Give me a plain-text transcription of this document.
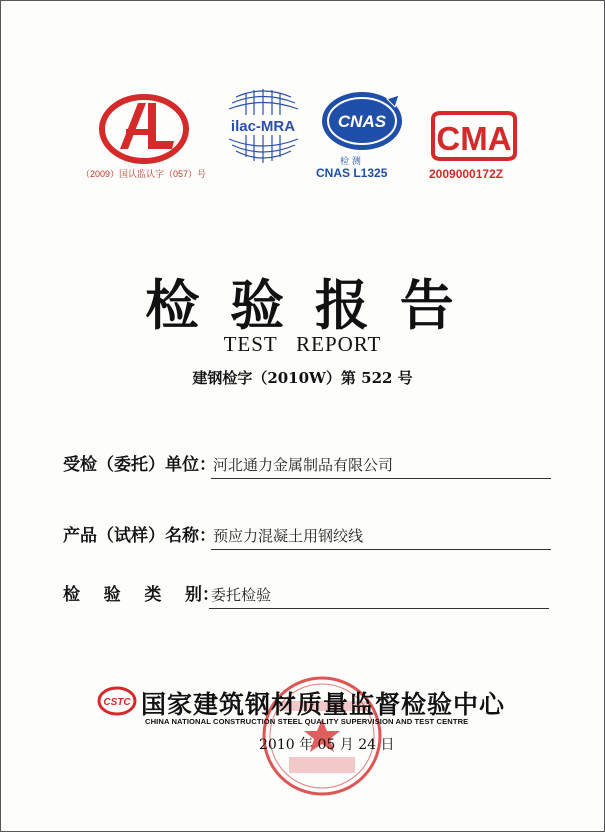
（2009）国认监认字（057）号
ilac-MRA	CNAS
检 测
CNAS L1325
CMA
2009000172Z
检 验 报 告
TEST   REPORT
建钢检字（2010W）第 522 号
受检（委托）单位：
河北通力金属制品有限公司
产品（试样）名称：
预应力混凝土用钢绞线
检    验    类    别：
委托检验
CSTC 国家建筑钢材质量监督检验中心
CHINA NATIONAL CONSTRUCTION STEEL QUALITY SUPERVISION AND TEST CENTRE
2010 年 05 月 24 日
